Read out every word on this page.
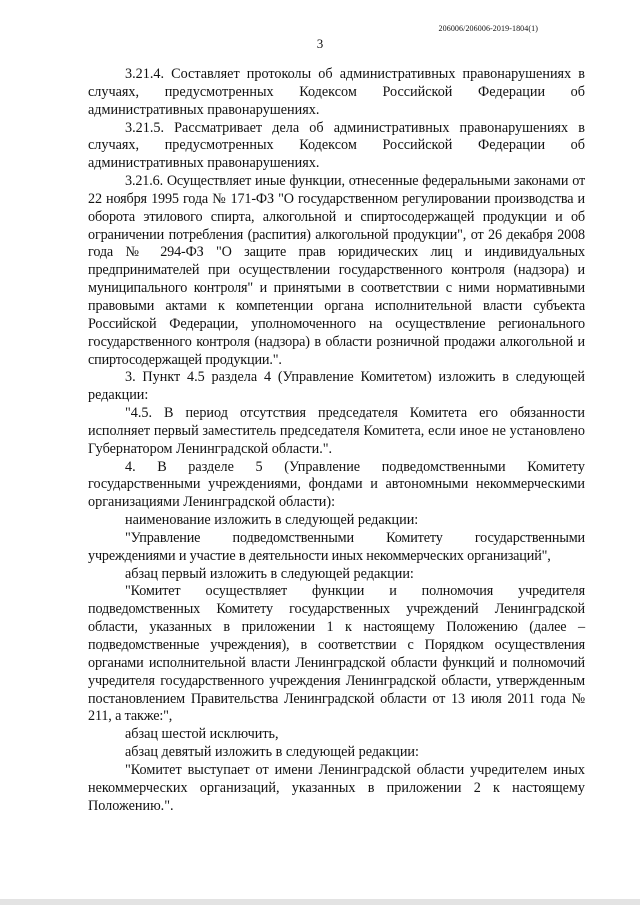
206006/206006-2019-1804(1)
3

3.21.4. Составляет протоколы об административных правонарушениях в случаях, предусмотренных Кодексом Российской Федерации об административных правонарушениях.

3.21.5. Рассматривает дела об административных правонарушениях в случаях, предусмотренных Кодексом Российской Федерации об административных правонарушениях.

3.21.6. Осуществляет иные функции, отнесенные федеральными законами от 22 ноября 1995 года № 171-ФЗ "О государственном регулировании производства и оборота этилового спирта, алкогольной и спиртосодержащей продукции и об ограничении потребления (распития) алкогольной продукции", от 26 декабря 2008 года № 294-ФЗ "О защите прав юридических лиц и индивидуальных предпринимателей при осуществлении государственного контроля (надзора) и муниципального контроля" и принятыми в соответствии с ними нормативными правовыми актами к компетенции органа исполнительной власти субъекта Российской Федерации, уполномоченного на осуществление регионального государственного контроля (надзора) в области розничной продажи алкогольной и спиртосодержащей продукции.".

3. Пункт 4.5 раздела 4 (Управление Комитетом) изложить в следующей редакции:

"4.5. В период отсутствия председателя Комитета его обязанности исполняет первый заместитель председателя Комитета, если иное не установлено Губернатором Ленинградской области.".

4. В разделе 5 (Управление подведомственными Комитету государственными учреждениями, фондами и автономными некоммерческими организациями Ленинградской области):

наименование изложить в следующей редакции:

"Управление подведомственными Комитету государственными учреждениями и участие в деятельности иных некоммерческих организаций",

абзац первый изложить в следующей редакции:

"Комитет осуществляет функции и полномочия учредителя подведомственных Комитету государственных учреждений Ленинградской области, указанных в приложении 1 к настоящему Положению (далее – подведомственные учреждения), в соответствии с Порядком осуществления органами исполнительной власти Ленинградской области функций и полномочий учредителя государственного учреждения Ленинградской области, утвержденным постановлением Правительства Ленинградской области от 13 июля 2011 года № 211, а также:",

абзац шестой исключить,

абзац девятый изложить в следующей редакции:

"Комитет выступает от имени Ленинградской области учредителем иных некоммерческих организаций, указанных в приложении 2 к настоящему Положению.".
